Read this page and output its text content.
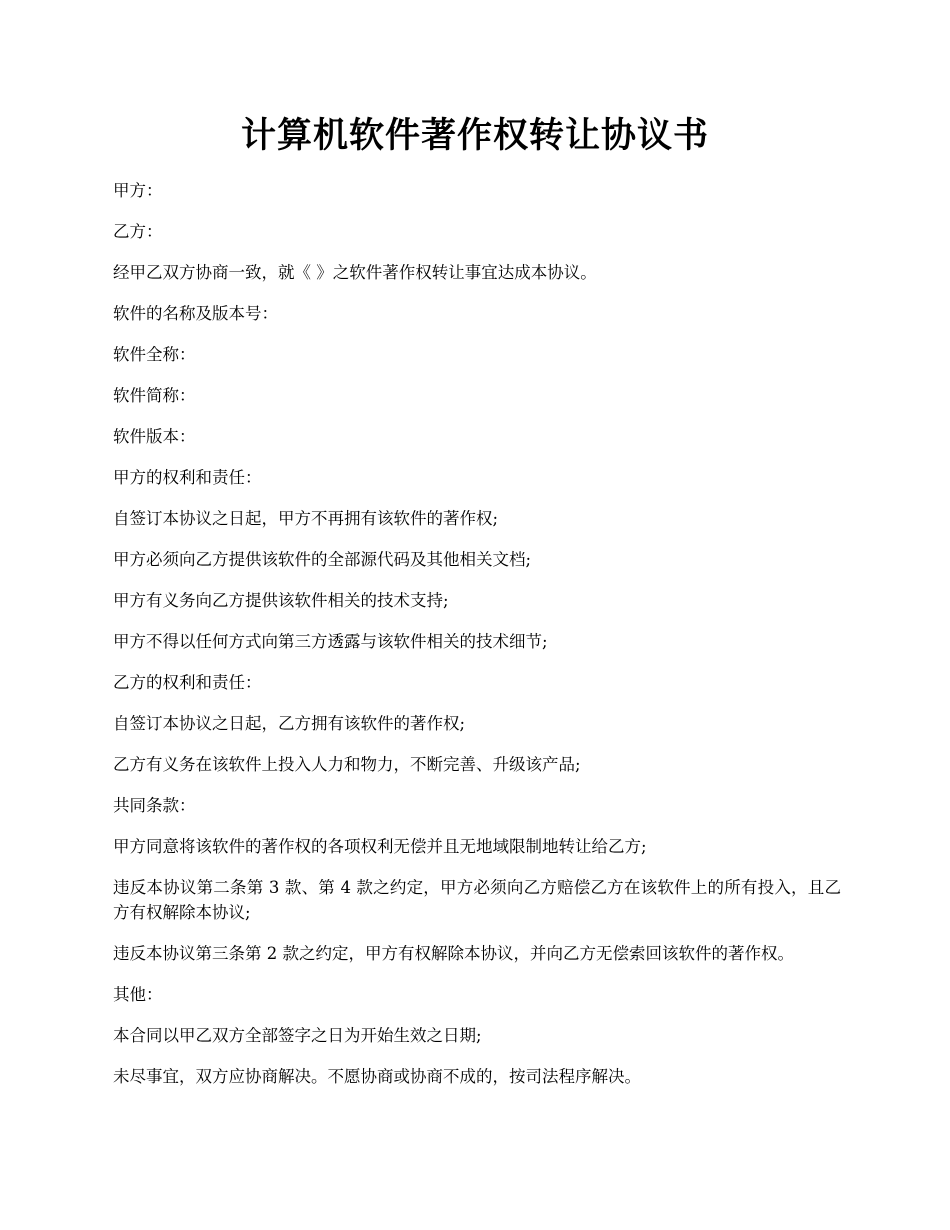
计算机软件著作权转让协议书

甲方：

乙方：

经甲乙双方协商一致，就《 》之软件著作权转让事宜达成本协议。

软件的名称及版本号：

软件全称：

软件简称：

软件版本：

甲方的权利和责任：

自签订本协议之日起，甲方不再拥有该软件的著作权;

甲方必须向乙方提供该软件的全部源代码及其他相关文档;

甲方有义务向乙方提供该软件相关的技术支持;

甲方不得以任何方式向第三方透露与该软件相关的技术细节;

乙方的权利和责任：

自签订本协议之日起，乙方拥有该软件的著作权;

乙方有义务在该软件上投入人力和物力，不断完善、升级该产品;

共同条款：

甲方同意将该软件的著作权的各项权利无偿并且无地域限制地转让给乙方;

违反本协议第二条第 3 款、第 4 款之约定，甲方必须向乙方赔偿乙方在该软件上的所有投入，且乙方有权解除本协议;

违反本协议第三条第 2 款之约定，甲方有权解除本协议，并向乙方无偿索回该软件的著作权。

其他：

本合同以甲乙双方全部签字之日为开始生效之日期;

未尽事宜，双方应协商解决。不愿协商或协商不成的，按司法程序解决。
